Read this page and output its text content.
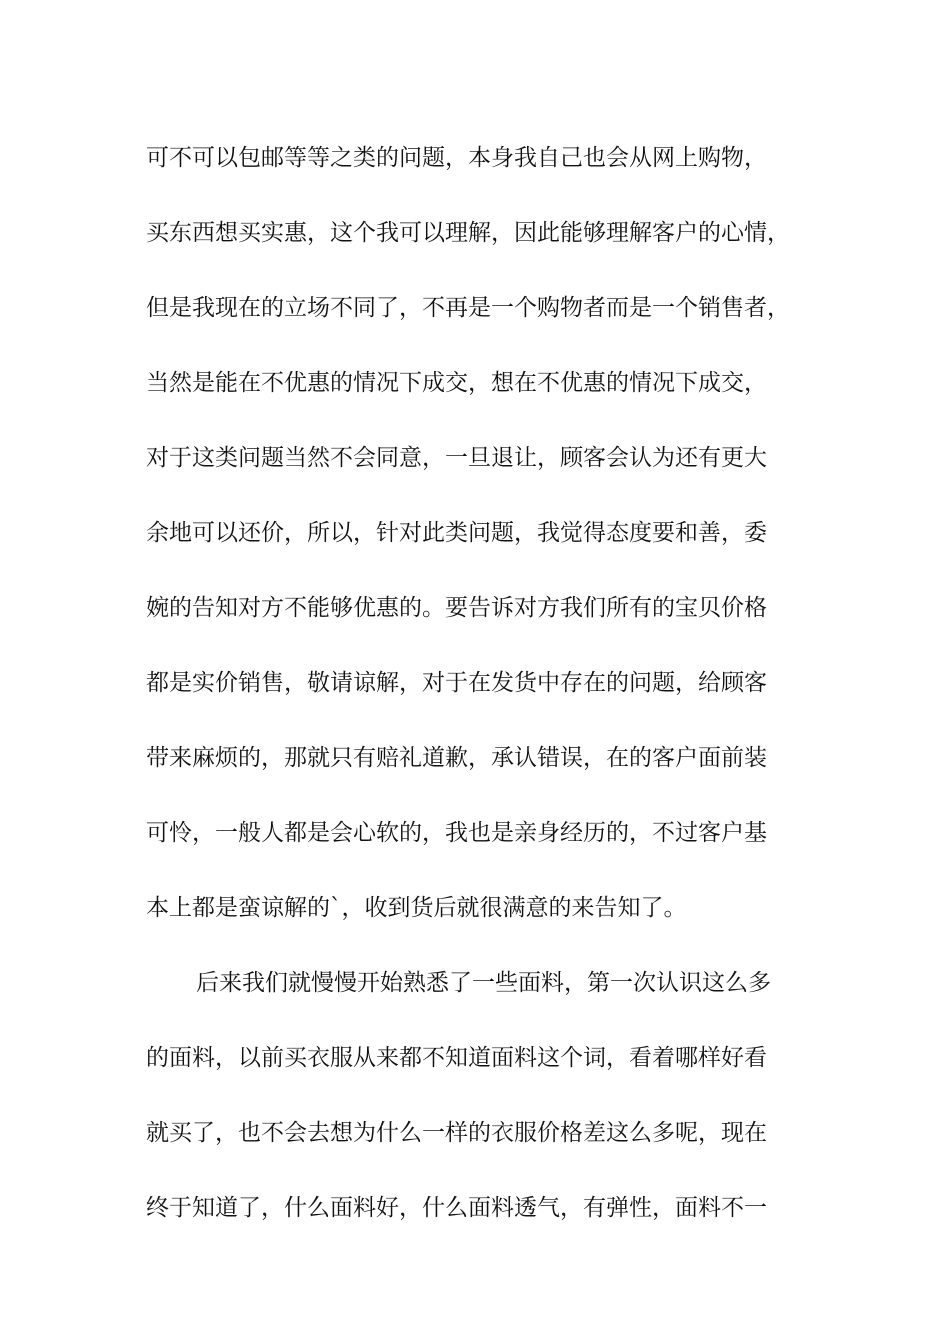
可不可以包邮等等之类的问题，本身我自己也会从网上购物，
买东西想买实惠，这个我可以理解，因此能够理解客户的心情，
但是我现在的立场不同了，不再是一个购物者而是一个销售者，
当然是能在不优惠的情况下成交，想在不优惠的情况下成交，
对于这类问题当然不会同意，一旦退让，顾客会认为还有更大
余地可以还价，所以，针对此类问题，我觉得态度要和善，委
婉的告知对方不能够优惠的。要告诉对方我们所有的宝贝价格
都是实价销售，敬请谅解，对于在发货中存在的问题，给顾客
带来麻烦的，那就只有赔礼道歉，承认错误，在的客户面前装
可怜，一般人都是会心软的，我也是亲身经历的，不过客户基
本上都是蛮谅解的`，收到货后就很满意的来告知了。
后来我们就慢慢开始熟悉了一些面料，第一次认识这么多
的面料，以前买衣服从来都不知道面料这个词，看着哪样好看
就买了，也不会去想为什么一样的衣服价格差这么多呢，现在
终于知道了，什么面料好，什么面料透气，有弹性，面料不一
